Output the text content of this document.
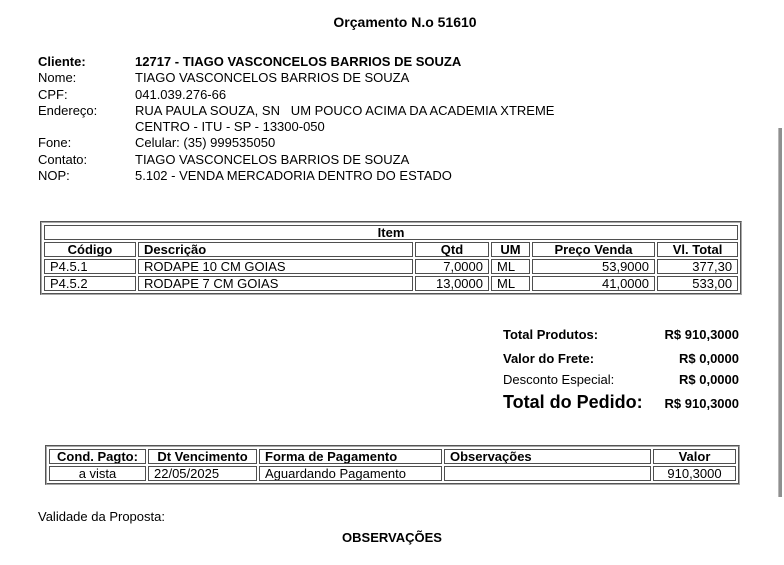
Orçamento N.o 51610
Cliente:	12717 - TIAGO VASCONCELOS BARRIOS DE SOUZA
Nome:	TIAGO VASCONCELOS BARRIOS DE SOUZA
CPF:	041.039.276-66
Endereço:	RUA PAULA SOUZA, SN   UM POUCO ACIMA DA ACADEMIA XTREME
CENTRO - ITU - SP - 13300-050
Fone:	Celular: (35) 999535050
Contato:	TIAGO VASCONCELOS BARRIOS DE SOUZA
NOP:	5.102 - VENDA MERCADORIA DENTRO DO ESTADO
Item					
Código	Descrição	Qtd	UM	Preço Venda	Vl. Total
P4.5.1	RODAPE 10 CM GOIAS	7,0000	ML	53,9000	377,30
P4.5.2	RODAPE 7 CM GOIAS	13,0000	ML	41,0000	533,00
Total Produtos:	R$ 910,3000
Valor do Frete:	R$ 0,0000
Desconto Especial:	R$ 0,0000
Total do Pedido: R$ 910,3000
Cond. Pagto:	Dt Vencimento	Forma de Pagamento	Observações	Valor
a vista	22/05/2025	Aguardando Pagamento		910,3000
Validade da Proposta:
OBSERVAÇÕES
